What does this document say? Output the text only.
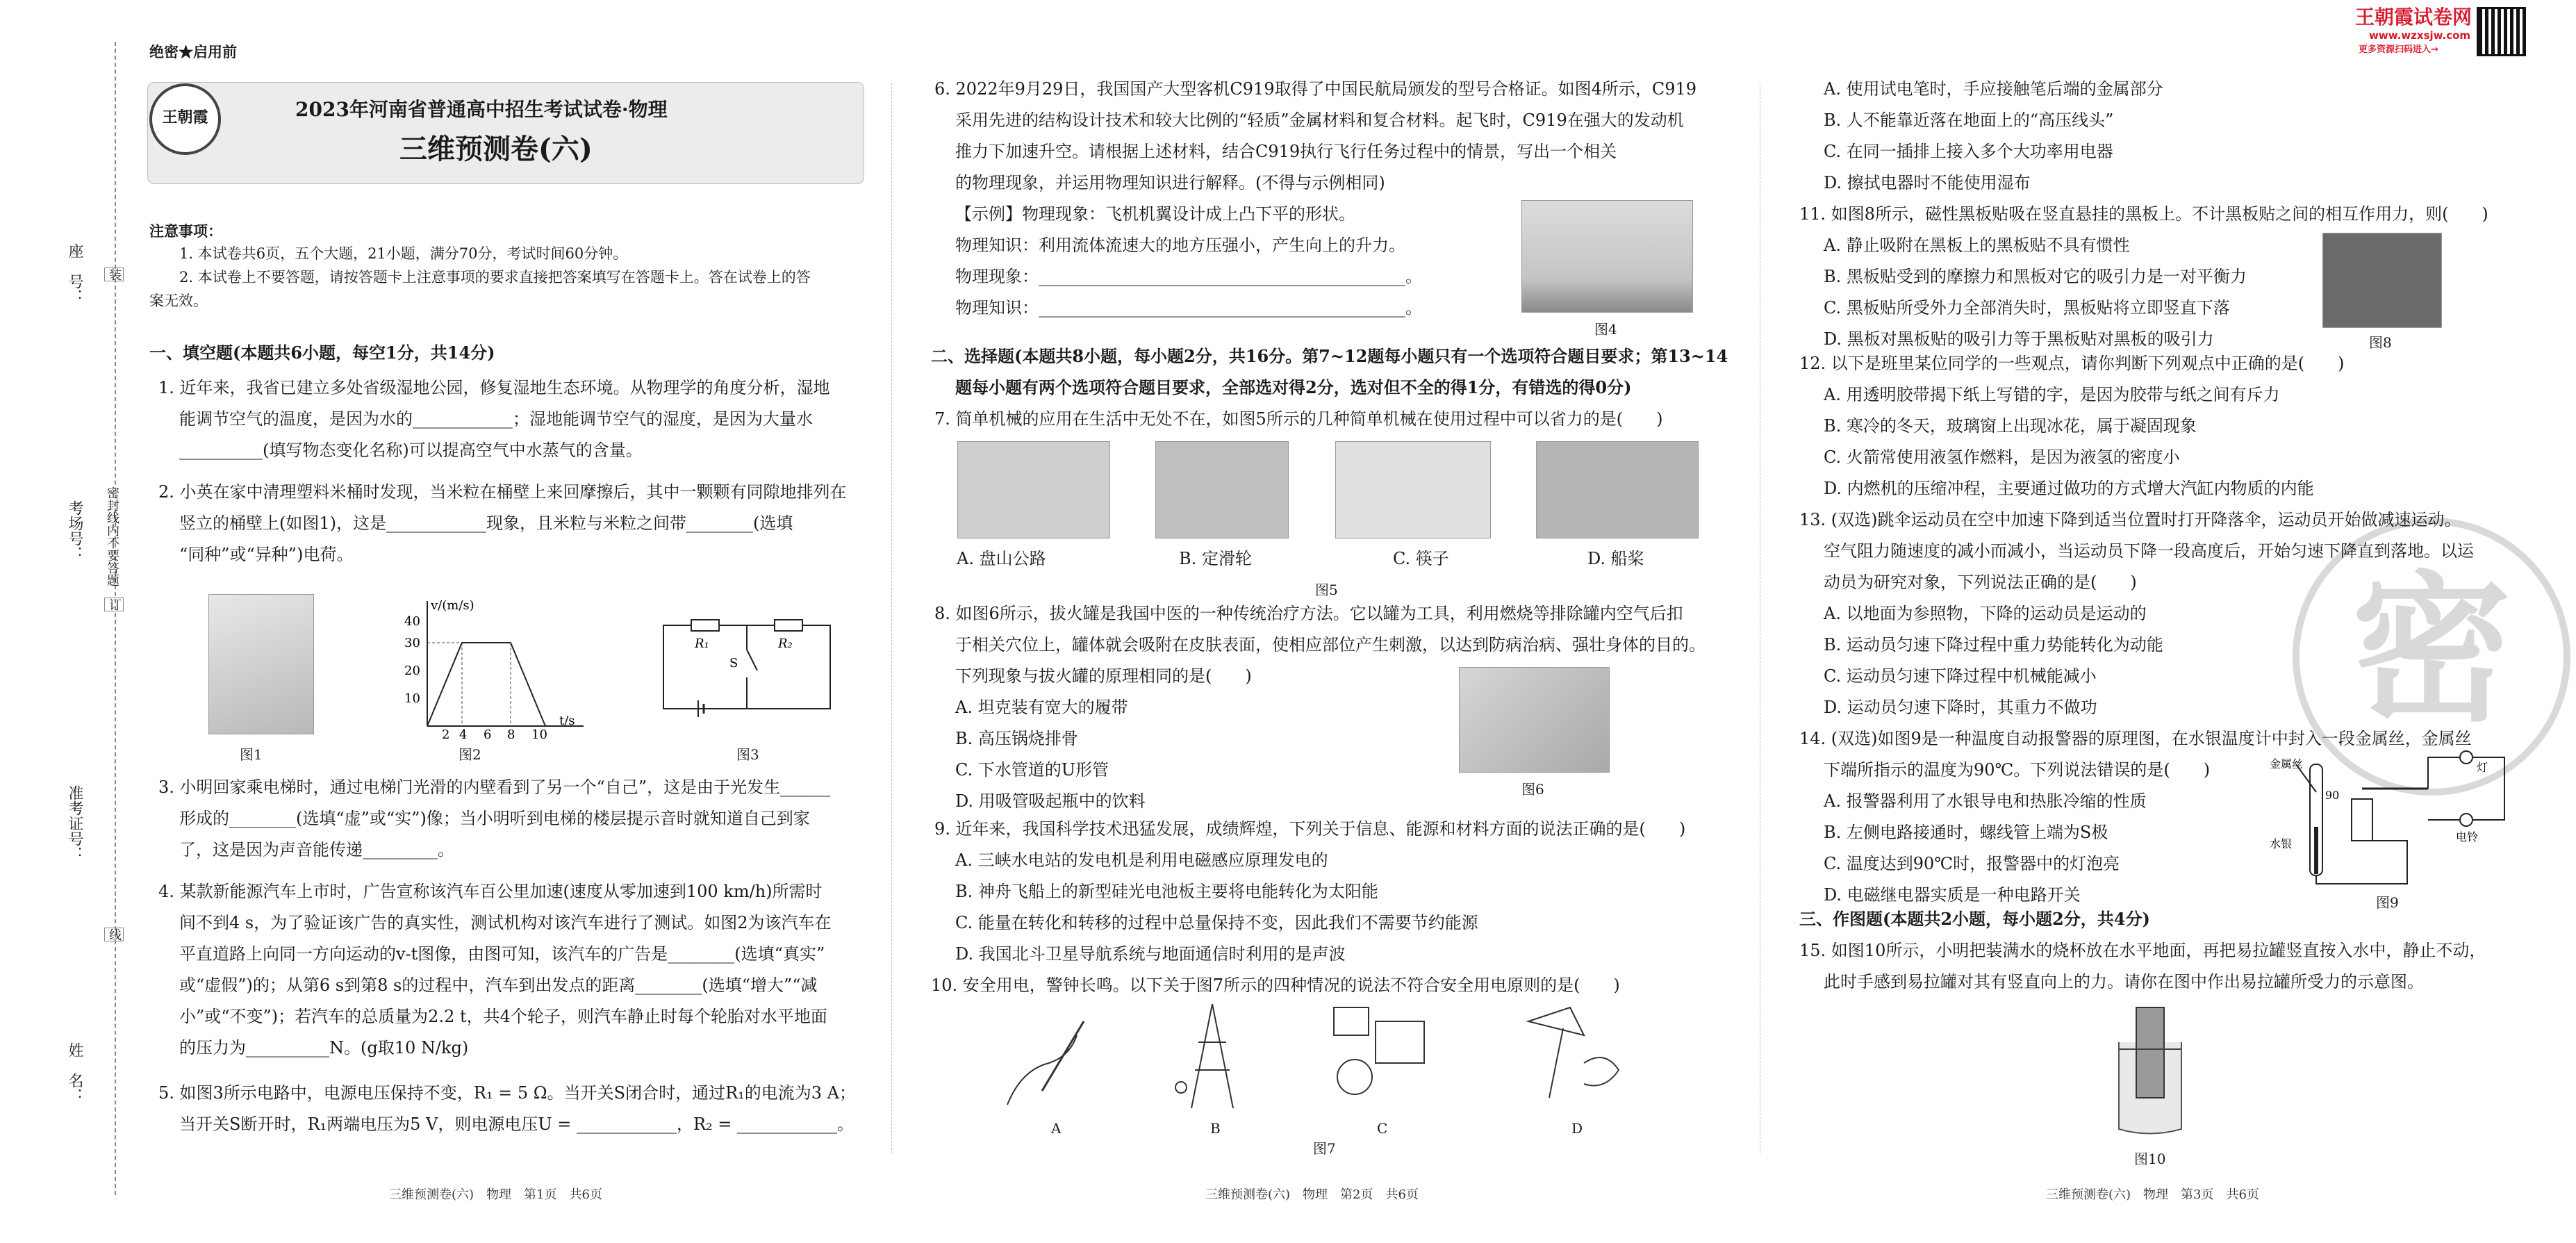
座　号：
考场号：
准考证号：
姓　名：
密封线内不要答题
装
订
线
绝密★启用前
王朝霞	2023年河南省普通高中招生考试试卷·物理
三维预测卷(六)
注意事项：
1. 本试卷共6页，五个大题，21小题，满分70分，考试时间60分钟。
2. 本试卷上不要答题，请按答题卡上注意事项的要求直接把答案填写在答题卡上。答在试卷上的答
案无效。
一、填空题(本题共6小题，每空1分，共14分)
1. 近年来，我省已建立多处省级湿地公园，修复湿地生态环境。从物理学的角度分析，湿地
能调节空气的温度，是因为水的____________；湿地能调节空气的湿度，是因为大量水
__________(填写物态变化名称)可以提高空气中水蒸气的含量。
2. 小英在家中清理塑料米桶时发现，当米粒在桶壁上来回摩擦后，其中一颗颗有同隙地排列在
竖立的桶壁上(如图1)，这是____________现象，且米粒与米粒之间带________(选填
“同种”或“异种”)电荷。
图1
v/(m/s)
t/s
40
30
20
10
2 4 6 8 10
图2
R₁	R₂
S
图3
3. 小明回家乘电梯时，通过电梯门光滑的内壁看到了另一个“自己”，这是由于光发生______
形成的________(选填“虚”或“实”)像；当小明听到电梯的楼层提示音时就知道自己到家
了，这是因为声音能传递_________。
4. 某款新能源汽车上市时，广告宣称该汽车百公里加速(速度从零加速到100 km/h)所需时
间不到4 s，为了验证该广告的真实性，测试机构对该汽车进行了测试。如图2为该汽车在
平直道路上向同一方向运动的v-t图像，由图可知，该汽车的广告是________(选填“真实”
或“虚假”)的；从第6 s到第8 s的过程中，汽车到出发点的距离________(选填“增大”“减
小”或“不变”)；若汽车的总质量为2.2 t，共4个轮子，则汽车静止时每个轮胎对水平地面
的压力为__________N。(g取10 N/kg)
5. 如图3所示电路中，电源电压保持不变，R₁ = 5 Ω。当开关S闭合时，通过R₁的电流为3 A；
当开关S断开时，R₁两端电压为5 V，则电源电压U = ____________，R₂ = ____________。
三维预测卷(六)　物理　第1页　共6页
6. 2022年9月29日，我国国产大型客机C919取得了中国民航局颁发的型号合格证。如图4所示，C919
采用先进的结构设计技术和较大比例的“轻质”金属材料和复合材料。起飞时，C919在强大的发动机
推力下加速升空。请根据上述材料，结合C919执行飞行任务过程中的情景，写出一个相关
的物理现象，并运用物理知识进行解释。(不得与示例相同)
【示例】物理现象：飞机机翼设计成上凸下平的形状。
物理知识：利用流体流速大的地方压强小，产生向上的升力。
物理现象：____________________________________________。
物理知识：____________________________________________。
图4
二、选择题(本题共8小题，每小题2分，共16分。第7~12题每小题只有一个选项符合题目要求；第13~14
题每小题有两个选项符合题目要求，全部选对得2分，选对但不全的得1分，有错选的得0分)
7. 简单机械的应用在生活中无处不在，如图5所示的几种简单机械在使用过程中可以省力的是(　　)
A. 盘山公路	B. 定滑轮	C. 筷子	D. 船桨
图5
8. 如图6所示，拔火罐是我国中医的一种传统治疗方法。它以罐为工具，利用燃烧等排除罐内空气后扣
于相关穴位上，罐体就会吸附在皮肤表面，使相应部位产生刺激，以达到防病治病、强壮身体的目的。
下列现象与拔火罐的原理相同的是(　　)
A. 坦克装有宽大的履带
B. 高压锅烧排骨
C. 下水管道的U形管
D. 用吸管吸起瓶中的饮料
图6
9. 近年来，我国科学技术迅猛发展，成绩辉煌，下列关于信息、能源和材料方面的说法正确的是(　　)
A. 三峡水电站的发电机是利用电磁感应原理发电的
B. 神舟飞船上的新型硅光电池板主要将电能转化为太阳能
C. 能量在转化和转移的过程中总量保持不变，因此我们不需要节约能源
D. 我国北斗卫星导航系统与地面通信时利用的是声波
10. 安全用电，警钟长鸣。以下关于图7所示的四种情况的说法不符合安全用电原则的是(　　)
A	B	C	D
图7
三维预测卷(六)　物理　第2页　共6页
王朝霞试卷网
www.wzxsjw.com
更多资源扫码进入→
密
A. 使用试电笔时，手应接触笔后端的金属部分
B. 人不能靠近落在地面上的“高压线头”
C. 在同一插排上接入多个大功率用电器
D. 擦拭电器时不能使用湿布
11. 如图8所示，磁性黑板贴吸在竖直悬挂的黑板上。不计黑板贴之间的相互作用力，则(　　)
A. 静止吸附在黑板上的黑板贴不具有惯性
B. 黑板贴受到的摩擦力和黑板对它的吸引力是一对平衡力
C. 黑板贴所受外力全部消失时，黑板贴将立即竖直下落
D. 黑板对黑板贴的吸引力等于黑板贴对黑板的吸引力	图8
12. 以下是班里某位同学的一些观点，请你判断下列观点中正确的是(　　)
A. 用透明胶带揭下纸上写错的字，是因为胶带与纸之间有斥力
B. 寒冷的冬天，玻璃窗上出现冰花，属于凝固现象
C. 火箭常使用液氢作燃料，是因为液氢的密度小
D. 内燃机的压缩冲程，主要通过做功的方式增大汽缸内物质的内能
13. (双选)跳伞运动员在空中加速下降到适当位置时打开降落伞，运动员开始做减速运动。
空气阻力随速度的减小而减小，当运动员下降一段高度后，开始匀速下降直到落地。以运
动员为研究对象，下列说法正确的是(　　)
A. 以地面为参照物，下降的运动员是运动的
B. 运动员匀速下降过程中重力势能转化为动能
C. 运动员匀速下降过程中机械能减小
D. 运动员匀速下降时，其重力不做功
14. (双选)如图9是一种温度自动报警器的原理图，在水银温度计中封入一段金属丝，金属丝
下端所指示的温度为90℃。下列说法错误的是(　　)
A. 报警器利用了水银导电和热胀冷缩的性质
B. 左侧电路接通时，螺线管上端为S极
C. 温度达到90℃时，报警器中的灯泡亮
D. 电磁继电器实质是一种电路开关
金属丝
水银
90
灯
电铃
图9
三、作图题(本题共2小题，每小题2分，共4分)
15. 如图10所示，小明把装满水的烧杯放在水平地面，再把易拉罐竖直按入水中，静止不动，
此时手感到易拉罐对其有竖直向上的力。请你在图中作出易拉罐所受力的示意图。
图10
三维预测卷(六)　物理　第3页　共6页
